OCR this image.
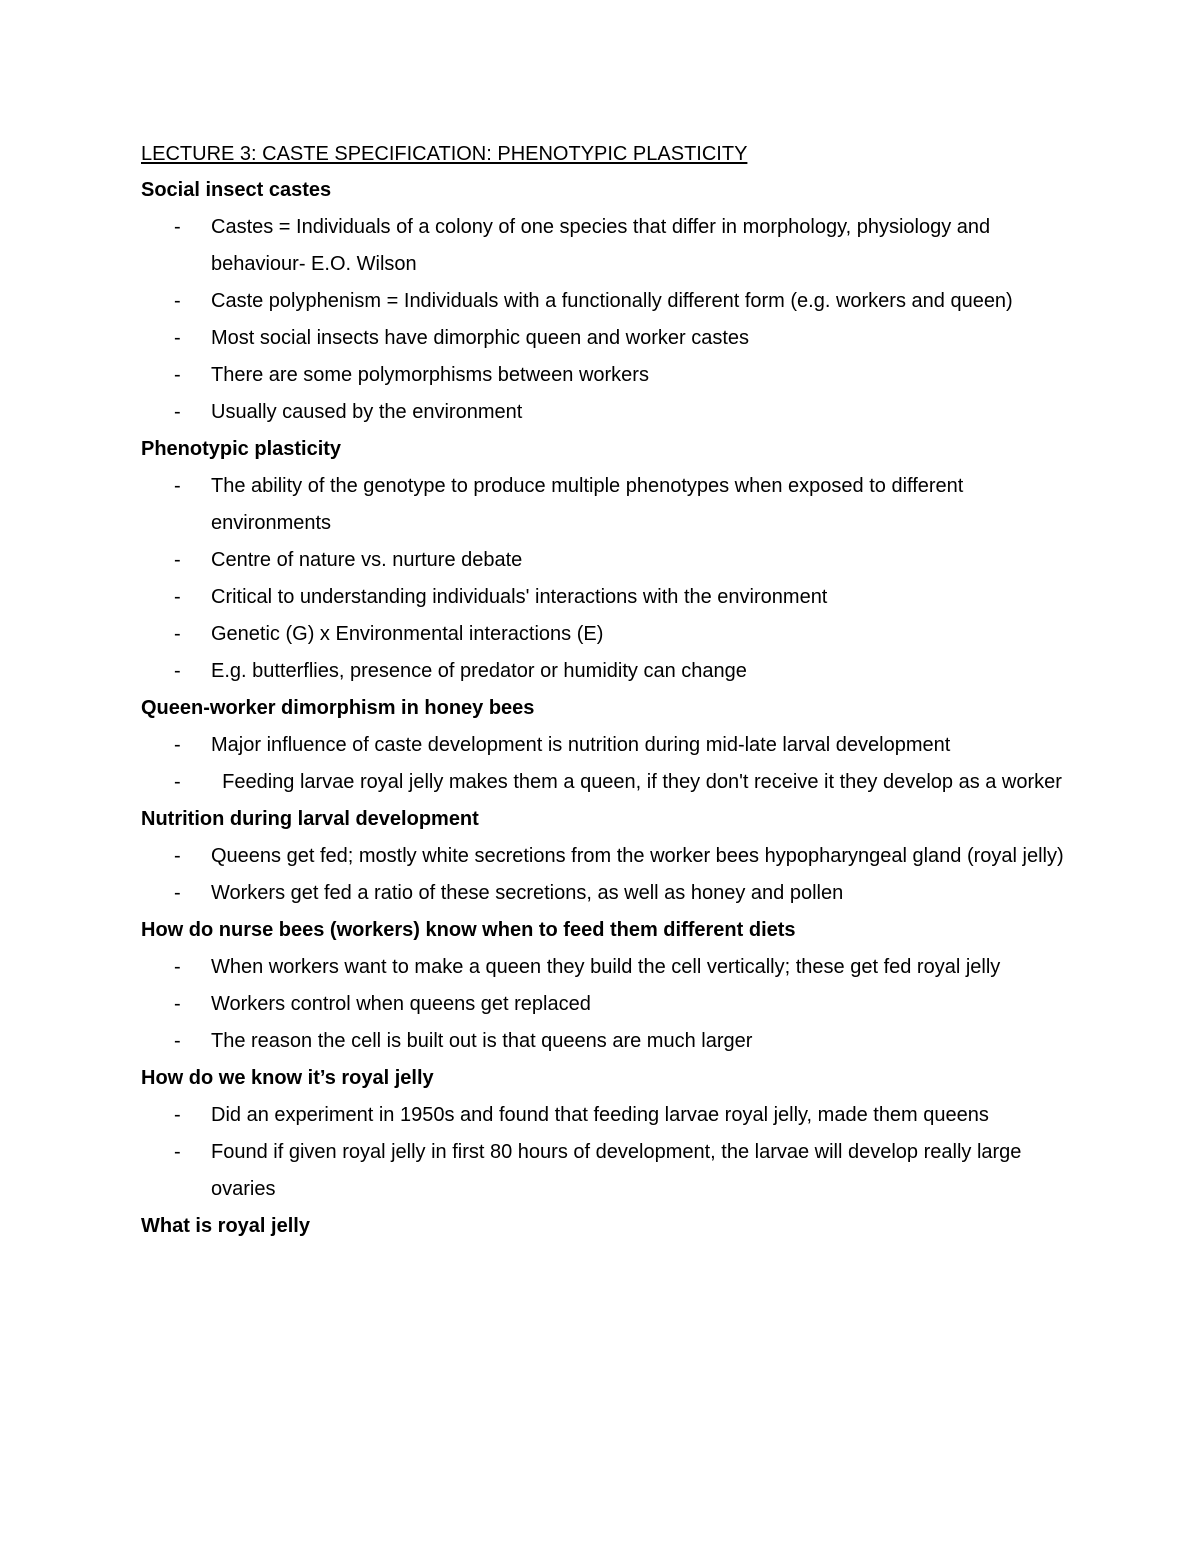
LECTURE 3: CASTE SPECIFICATION: PHENOTYPIC PLASTICITY
Social insect castes
- Castes = Individuals of a colony of one species that differ in morphology, physiology and behaviour- E.O. Wilson
- Caste polyphenism = Individuals with a functionally different form (e.g. workers and queen)
- Most social insects have dimorphic queen and worker castes
- There are some polymorphisms between workers
- Usually caused by the environment
Phenotypic plasticity
- The ability of the genotype to produce multiple phenotypes when exposed to different environments
- Centre of nature vs. nurture debate
- Critical to understanding individuals' interactions with the environment
- Genetic (G) x Environmental interactions (E)
- E.g. butterflies, presence of predator or humidity can change
Queen-worker dimorphism in honey bees
- Major influence of caste development is nutrition during mid-late larval development
- Feeding larvae royal jelly makes them a queen, if they don't receive it they develop as a worker
Nutrition during larval development
- Queens get fed; mostly white secretions from the worker bees hypopharyngeal gland (royal jelly)
- Workers get fed a ratio of these secretions, as well as honey and pollen
How do nurse bees (workers) know when to feed them different diets
- When workers want to make a queen they build the cell vertically; these get fed royal jelly
- Workers control when queens get replaced
- The reason the cell is built out is that queens are much larger
How do we know it’s royal jelly
- Did an experiment in 1950s and found that feeding larvae royal jelly, made them queens
- Found if given royal jelly in first 80 hours of development, the larvae will develop really large ovaries
What is royal jelly
